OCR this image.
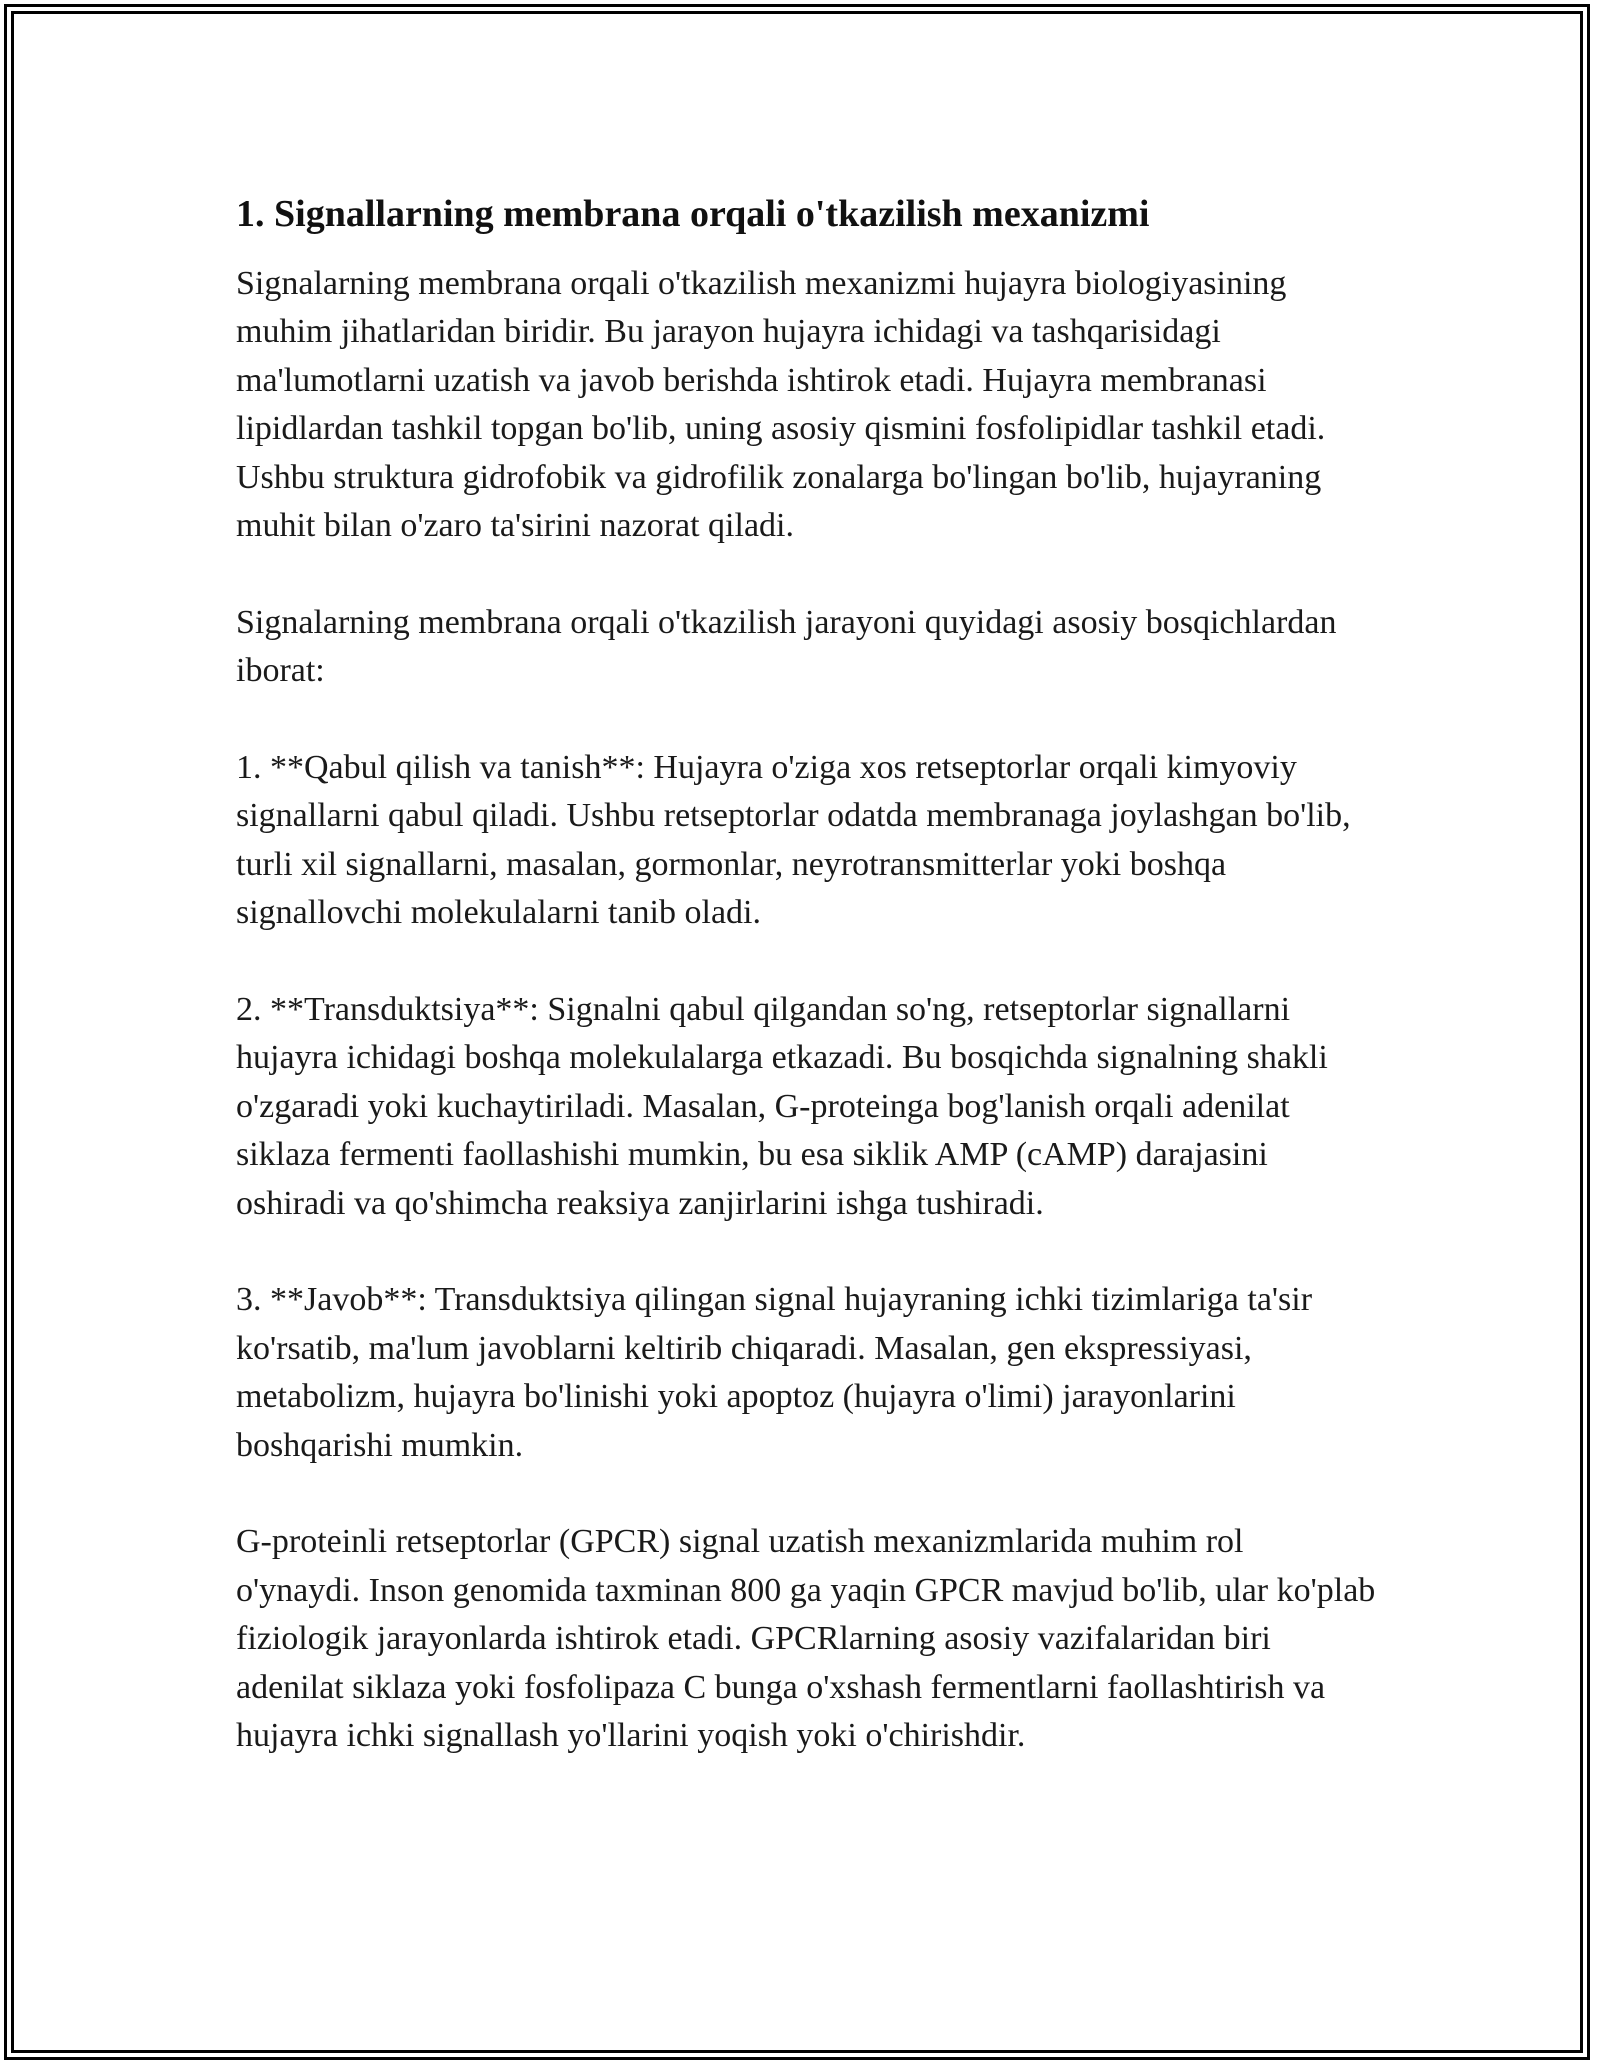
1. Signallarning membrana orqali o'tkazilish mexanizmi

Signalarning membrana orqali o'tkazilish mexanizmi hujayra biologiyasining muhim jihatlaridan biridir. Bu jarayon hujayra ichidagi va tashqarisidagi ma'lumotlarni uzatish va javob berishda ishtirok etadi. Hujayra membranasi lipidlardan tashkil topgan bo'lib, uning asosiy qismini fosfolipidlar tashkil etadi. Ushbu struktura gidrofobik va gidrofilik zonalarga bo'lingan bo'lib, hujayraning muhit bilan o'zaro ta'sirini nazorat qiladi.

Signalarning membrana orqali o'tkazilish jarayoni quyidagi asosiy bosqichlardan iborat:

1. **Qabul qilish va tanish**: Hujayra o'ziga xos retseptorlar orqali kimyoviy signallarni qabul qiladi. Ushbu retseptorlar odatda membranaga joylashgan bo'lib, turli xil signallarni, masalan, gormonlar, neyrotransmitterlar yoki boshqa signallovchi molekulalarni tanib oladi.

2. **Transduktsiya**: Signalni qabul qilgandan so'ng, retseptorlar signallarni hujayra ichidagi boshqa molekulalarga etkazadi. Bu bosqichda signalning shakli o'zgaradi yoki kuchaytiriladi. Masalan, G-proteinga bog'lanish orqali adenilat siklaza fermenti faollashishi mumkin, bu esa siklik AMP (cAMP) darajasini oshiradi va qo'shimcha reaksiya zanjirlarini ishga tushiradi.

3. **Javob**: Transduktsiya qilingan signal hujayraning ichki tizimlariga ta'sir ko'rsatib, ma'lum javoblarni keltirib chiqaradi. Masalan, gen ekspressiyasi, metabolizm, hujayra bo'linishi yoki apoptoz (hujayra o'limi) jarayonlarini boshqarishi mumkin.

G-proteinli retseptorlar (GPCR) signal uzatish mexanizmlarida muhim rol o'ynaydi. Inson genomida taxminan 800 ga yaqin GPCR mavjud bo'lib, ular ko'plab fiziologik jarayonlarda ishtirok etadi. GPCRlarning asosiy vazifalaridan biri adenilat siklaza yoki fosfolipaza C bunga o'xshash fermentlarni faollashtirish va hujayra ichki signallash yo'llarini yoqish yoki o'chirishdir.
